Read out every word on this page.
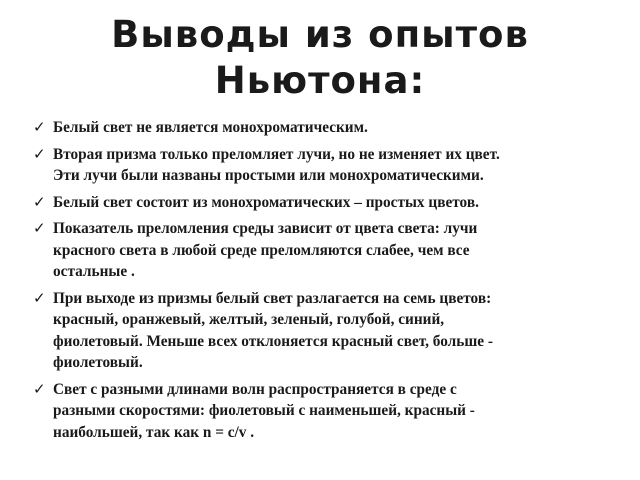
Выводы из опытов
Ньютона:
✓ Белый свет не является монохроматическим.
✓ Вторая призма только преломляет лучи, но не изменяет их цвет.
Эти лучи были названы простыми или монохроматическими.
✓ Белый свет состоит из монохроматических – простых цветов.
✓ Показатель преломления среды зависит от цвета света: лучи
красного света в любой среде преломляются слабее, чем все
остальные .
✓ При выходе из призмы белый свет разлагается на семь цветов:
красный, оранжевый, желтый, зеленый, голубой, синий,
фиолетовый. Меньше всех отклоняется красный свет, больше -
фиолетовый.
✓ Свет с разными длинами волн распространяется в среде с
разными скоростями: фиолетовый с наименьшей, красный -
наибольшей, так как n = c/v .
